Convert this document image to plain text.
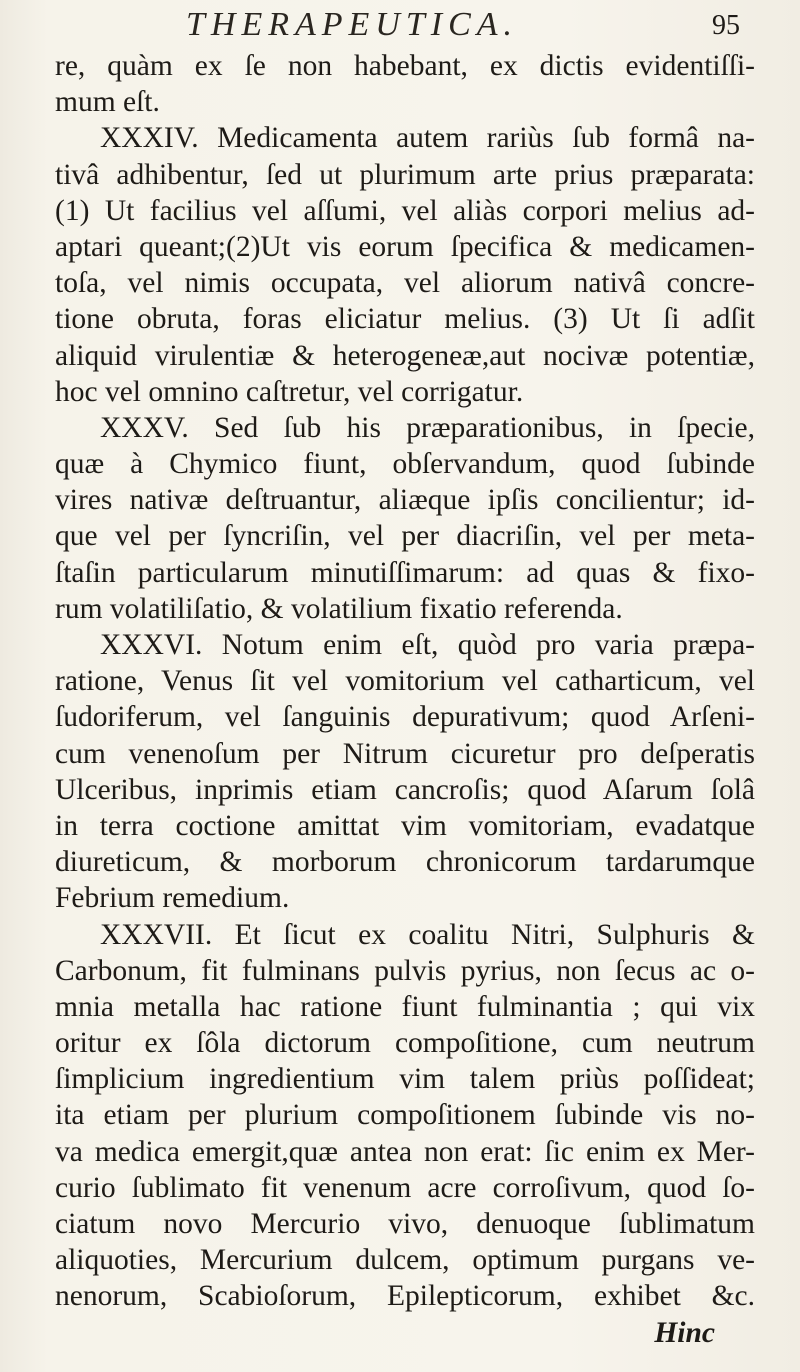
THERAPEUTICA.	95
re, quàm ex ſe non habebant, ex dictis evidentiſſi-
mum eſt.
XXXIV. Medicamenta autem rariùs ſub formâ na-
tivâ adhibentur, ſed ut plurimum arte prius præparata:
(1) Ut facilius vel aſſumi, vel aliàs corpori melius ad-
aptari queant;(2)Ut vis eorum ſpecifica & medicamen-
toſa, vel nimis occupata, vel aliorum nativâ concre-
tione obruta, foras eliciatur melius. (3) Ut ſi adſit
aliquid virulentiæ & heterogeneæ,aut nocivæ potentiæ,
hoc vel omnino caſtretur, vel corrigatur.
XXXV. Sed ſub his præparationibus, in ſpecie,
quæ à Chymico fiunt, obſervandum, quod ſubinde
vires nativæ deſtruantur, aliæque ipſis concilientur; id-
que vel per ſyncriſin, vel per diacriſin, vel per meta-
ſtaſin particularum minutiſſimarum: ad quas & fixo-
rum volatiliſatio, & volatilium fixatio referenda.
XXXVI. Notum enim eſt, quòd pro varia præpa-
ratione, Venus ſit vel vomitorium vel catharticum, vel
ſudoriferum, vel ſanguinis depurativum; quod Arſeni-
cum venenoſum per Nitrum cicuretur pro deſperatis
Ulceribus, inprimis etiam cancroſis; quod Aſarum ſolâ
in terra coctione amittat vim vomitoriam, evadatque
diureticum, & morborum chronicorum tardarumque
Febrium remedium.
XXXVII. Et ſicut ex coalitu Nitri, Sulphuris &
Carbonum, fit fulminans pulvis pyrius, non ſecus ac o-
mnia metalla hac ratione fiunt fulminantia ; qui vix
oritur ex ſôla dictorum compoſitione, cum neutrum
ſimplicium ingredientium vim talem priùs poſſideat;
ita etiam per plurium compoſitionem ſubinde vis no-
va medica emergit,quæ antea non erat: ſic enim ex Mer-
curio ſublimato fit venenum acre corroſivum, quod ſo-
ciatum novo Mercurio vivo, denuoque ſublimatum
aliquoties, Mercurium dulcem, optimum purgans ve-
nenorum, Scabioſorum, Epilepticorum, exhibet &c.
Hinc
